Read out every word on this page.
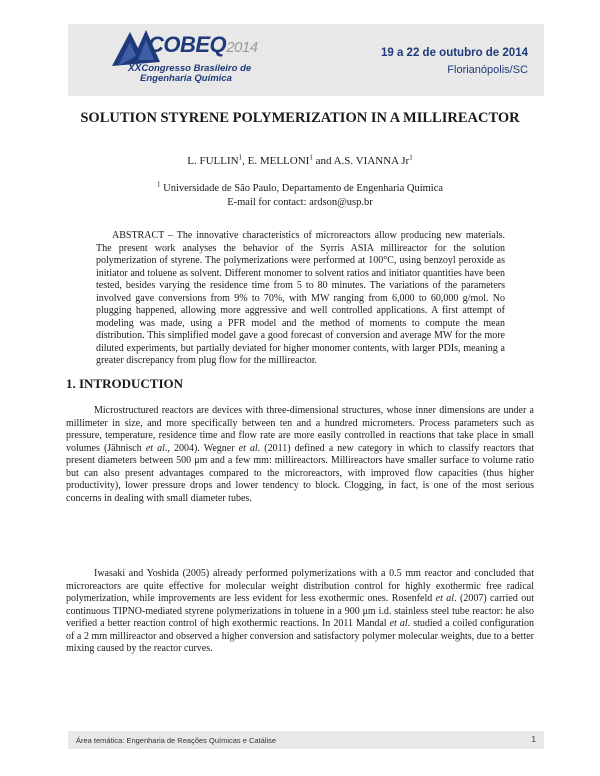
COBEQ2014
XXCongresso Brasileiro de
Engenharia Química
19 a 22 de outubro de 2014
Florianópolis/SC
SOLUTION STYRENE POLYMERIZATION IN A MILLIREACTOR
L. FULLIN$^1$, E. MELLONI$^1$ and A.S. VIANNA Jr$^1$
$^1$ Universidade de São Paulo, Departamento de Engenharia Química
E-mail for contact: ardson@usp.br

ABSTRACT – The innovative characteristics of microreactors allow producing new materials. The present work analyses the behavior of the Syrris ASIA millireactor for the solution polymerization of styrene. The polymerizations were performed at 100°C, using benzoyl peroxide as initiator and toluene as solvent. Different monomer to solvent ratios and initiator quantities have been tested, besides varying the residence time from 5 to 80 minutes. The variations of the parameters involved gave conversions from 9% to 70%, with MW ranging from 6,000 to 60,000 g/mol. No plugging happened, allowing more aggressive and well controlled applications. A first attempt of modeling was made, using a PFR model and the method of moments to compute the mean distribution. This simplified model gave a good forecast of conversion and average MW for the more diluted experiments, but partially deviated for higher monomer contents, with larger PDIs, meaning a greater discrepancy from plug flow for the millireactor.

1. INTRODUCTION

Microstructured reactors are devices with three-dimensional structures, whose inner dimensions are under a millimeter in size, and more specifically between ten and a hundred micrometers. Process parameters such as pressure, temperature, residence time and flow rate are more easily controlled in reactions that take place in small volumes (Jähnisch et al., 2004). Wegner et al. (2011) defined a new category in which to classify reactors that present diameters between 500 μm and a few mm: millireactors. Millireactors have smaller surface to volume ratio but can also present advantages compared to the microreactors, with improved flow capacities (thus higher productivity), lower pressure drops and lower tendency to block. Clogging, in fact, is one of the most serious concerns in dealing with small diameter tubes.

Iwasaki and Yoshida (2005) already performed polymerizations with a 0.5 mm reactor and concluded that microreactors are quite effective for molecular weight distribution control for highly exothermic free radical polymerization, while improvements are less evident for less exothermic ones. Rosenfeld et al. (2007) carried out continuous TIPNO-mediated styrene polymerizations in toluene in a 900 μm i.d. stainless steel tube reactor: he also verified a better reaction control of high exothermic reactions. In 2011 Mandal et al. studied a coiled configuration of a 2 mm millireactor and observed a higher conversion and satisfactory polymer molecular weights, due to a better mixing caused by the reactor curves.

Área temática: Engenharia de Reações Químicas e Catálise	1
